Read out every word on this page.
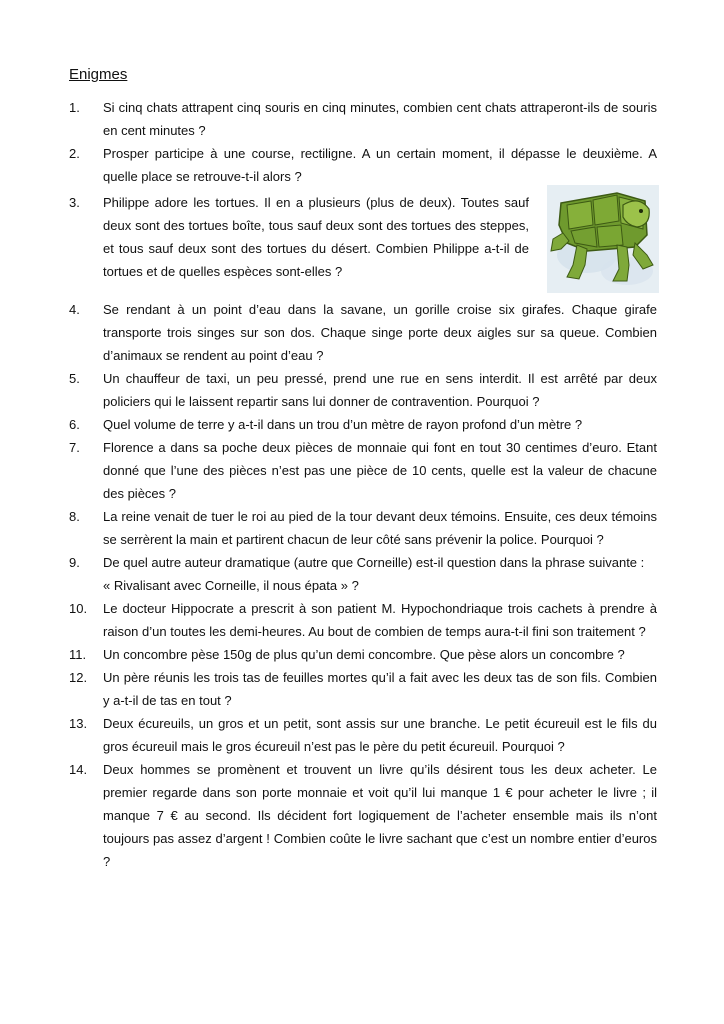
Enigmes
1. Si cinq chats attrapent cinq souris en cinq minutes, combien cent chats attraperont-ils de souris en cent minutes ?
2. Prosper participe à une course, rectiligne. A un certain moment, il dépasse le deuxième. A quelle place se retrouve-t-il alors ?
3. Philippe adore les tortues. Il en a plusieurs (plus de deux). Toutes sauf deux sont des tortues boîte, tous sauf deux sont des tortues des steppes, et tous sauf deux sont des tortues du désert. Combien Philippe a-t-il de tortues et de quelles espèces sont-elles ?
4. Se rendant à un point d’eau dans la savane, un gorille croise six girafes. Chaque girafe transporte trois singes sur son dos. Chaque singe porte deux aigles sur sa queue. Combien d’animaux se rendent au point d’eau ?
5. Un chauffeur de taxi, un peu pressé, prend une rue en sens interdit. Il est arrêté par deux policiers qui le laissent repartir sans lui donner de contravention. Pourquoi ?
6. Quel volume de terre y a-t-il dans un trou d’un mètre de rayon profond d’un mètre ?
7. Florence a dans sa poche deux pièces de monnaie qui font en tout 30 centimes d’euro. Etant donné que l’une des pièces n’est pas une pièce de 10 cents, quelle est la valeur de chacune des pièces ?
8. La reine venait de tuer le roi au pied de la tour devant deux témoins. Ensuite, ces deux témoins se serrèrent la main et partirent chacun de leur côté sans prévenir la police. Pourquoi ?
9. De quel autre auteur dramatique (autre que Corneille) est-il question dans la phrase suivante :
« Rivalisant avec Corneille, il nous épata » ?
10. Le docteur Hippocrate a prescrit à son patient M. Hypochondriaque trois cachets à prendre à raison d’un toutes les demi-heures. Au bout de combien de temps aura-t-il fini son traitement ?
11. Un concombre pèse 150g de plus qu’un demi concombre. Que pèse alors un concombre ?
12. Un père réunis les trois tas de feuilles mortes qu’il a fait avec les deux tas de son fils. Combien y a-t-il de tas en tout ?
13. Deux écureuils, un gros et un petit, sont assis sur une branche. Le petit écureuil est le fils du gros écureuil mais le gros écureuil n’est pas le père du petit écureuil. Pourquoi ?
14. Deux hommes se promènent et trouvent un livre qu’ils désirent tous les deux acheter. Le premier regarde dans son porte monnaie et voit qu’il lui manque 1 € pour acheter le livre ; il manque 7 € au second. Ils décident fort logiquement de l’acheter ensemble mais ils n’ont toujours pas assez d’argent ! Combien coûte le livre sachant que c’est un nombre entier d’euros ?
